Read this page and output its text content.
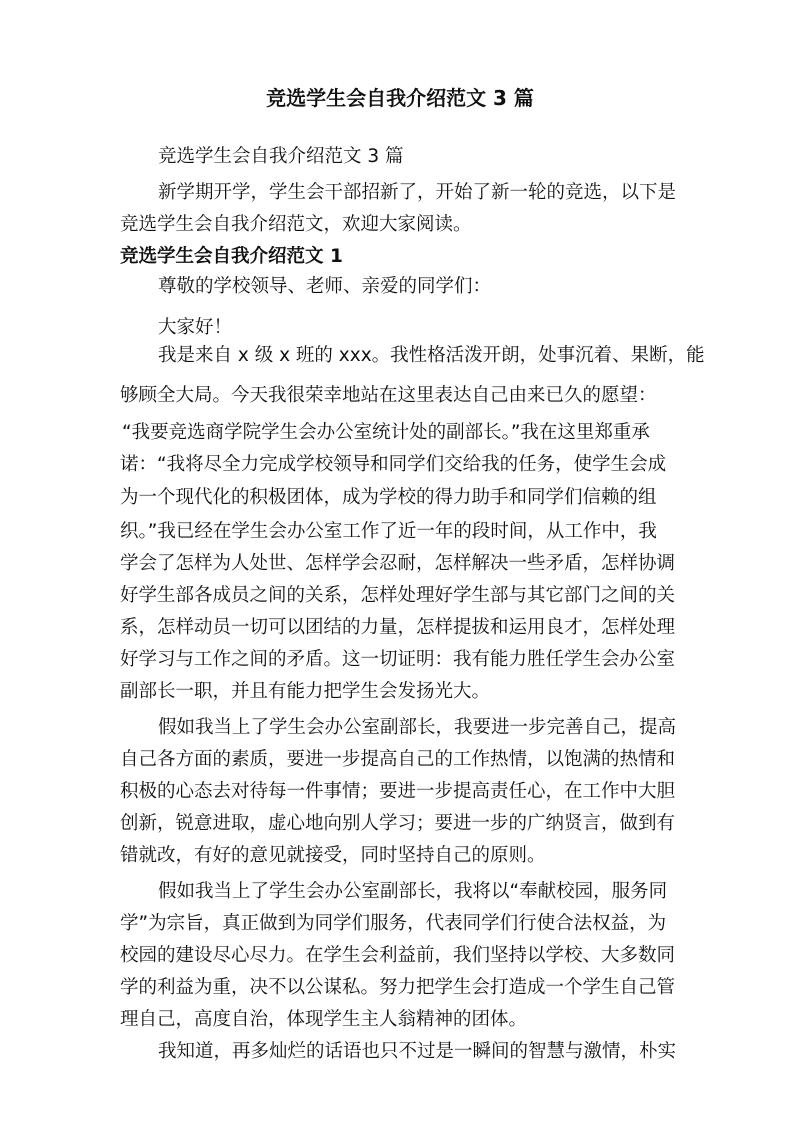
竞选学生会自我介绍范文 3 篇
竞选学生会自我介绍范文 3 篇
新学期开学，学生会干部招新了，开始了新一轮的竞选，以下是
竞选学生会自我介绍范文，欢迎大家阅读。
竞选学生会自我介绍范文 1
尊敬的学校领导、老师、亲爱的同学们：
大家好！
我是来自 x 级 x 班的 xxx。我性格活泼开朗，处事沉着、果断，能
够顾全大局。今天我很荣幸地站在这里表达自己由来已久的愿望：
“我要竞选商学院学生会办公室统计处的副部长。”我在这里郑重承
诺：“我将尽全力完成学校领导和同学们交给我的任务，使学生会成
为一个现代化的积极团体，成为学校的得力助手和同学们信赖的组
织。”我已经在学生会办公室工作了近一年的段时间，从工作中，我
学会了怎样为人处世、怎样学会忍耐，怎样解决一些矛盾，怎样协调
好学生部各成员之间的关系，怎样处理好学生部与其它部门之间的关
系，怎样动员一切可以团结的力量，怎样提拔和运用良才，怎样处理
好学习与工作之间的矛盾。这一切证明：我有能力胜任学生会办公室
副部长一职，并且有能力把学生会发扬光大。
假如我当上了学生会办公室副部长，我要进一步完善自己，提高
自己各方面的素质，要进一步提高自己的工作热情，以饱满的热情和
积极的心态去对待每一件事情；要进一步提高责任心，在工作中大胆
创新，锐意进取，虚心地向别人学习；要进一步的广纳贤言，做到有
错就改，有好的意见就接受，同时坚持自己的原则。
假如我当上了学生会办公室副部长，我将以“奉献校园，服务同
学”为宗旨，真正做到为同学们服务，代表同学们行使合法权益，为
校园的建设尽心尽力。在学生会利益前，我们坚持以学校、大多数同
学的利益为重，决不以公谋私。努力把学生会打造成一个学生自己管
理自己，高度自治，体现学生主人翁精神的团体。
我知道，再多灿烂的话语也只不过是一瞬间的智慧与激情，朴实
